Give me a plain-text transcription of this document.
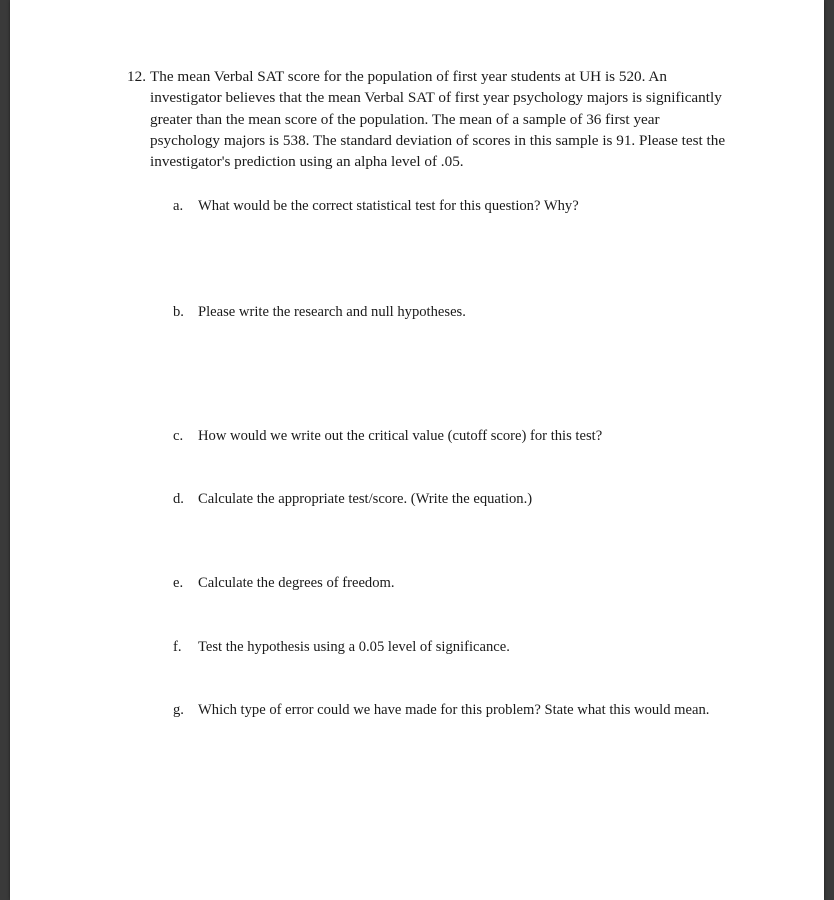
12. The mean Verbal SAT score for the population of first year students at UH is 520. An investigator believes that the mean Verbal SAT of first year psychology majors is significantly greater than the mean score of the population. The mean of a sample of 36 first year psychology majors is 538. The standard deviation of scores in this sample is 91. Please test the investigator's prediction using an alpha level of .05.
a. What would be the correct statistical test for this question? Why?
b. Please write the research and null hypotheses.
c. How would we write out the critical value (cutoff score) for this test?
d. Calculate the appropriate test/score. (Write the equation.)
e. Calculate the degrees of freedom.
f. Test the hypothesis using a 0.05 level of significance.
g. Which type of error could we have made for this problem? State what this would mean.
